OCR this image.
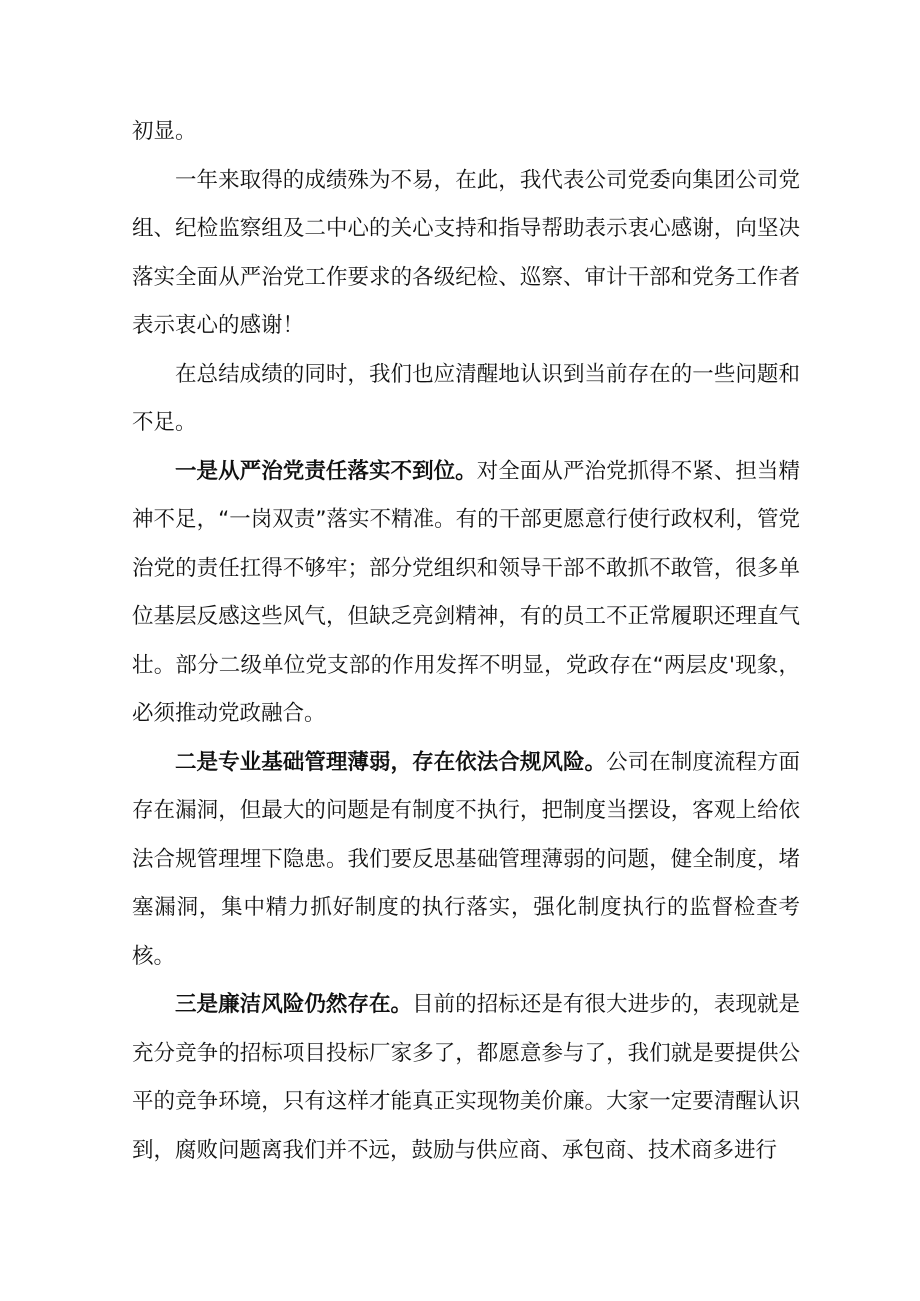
初显。

一年来取得的成绩殊为不易，在此，我代表公司党委向集团公司党组、纪检监察组及二中心的关心支持和指导帮助表示衷心感谢，向坚决落实全面从严治党工作要求的各级纪检、巡察、审计干部和党务工作者表示衷心的感谢！

在总结成绩的同时，我们也应清醒地认识到当前存在的一些问题和不足。

一是从严治党责任落实不到位。对全面从严治党抓得不紧、担当精神不足，“一岗双责”落实不精准。有的干部更愿意行使行政权利，管党治党的责任扛得不够牢；部分党组织和领导干部不敢抓不敢管，很多单位基层反感这些风气，但缺乏亮剑精神，有的员工不正常履职还理直气壮。部分二级单位党支部的作用发挥不明显，党政存在“两层皮'现象，必须推动党政融合。

二是专业基础管理薄弱，存在依法合规风险。公司在制度流程方面存在漏洞，但最大的问题是有制度不执行，把制度当摆设，客观上给依法合规管理埋下隐患。我们要反思基础管理薄弱的问题，健全制度，堵塞漏洞，集中精力抓好制度的执行落实，强化制度执行的监督检查考核。

三是廉洁风险仍然存在。目前的招标还是有很大进步的，表现就是充分竞争的招标项目投标厂家多了，都愿意参与了，我们就是要提供公平的竞争环境，只有这样才能真正实现物美价廉。大家一定要清醒认识到，腐败问题离我们并不远，鼓励与供应商、承包商、技术商多进行
